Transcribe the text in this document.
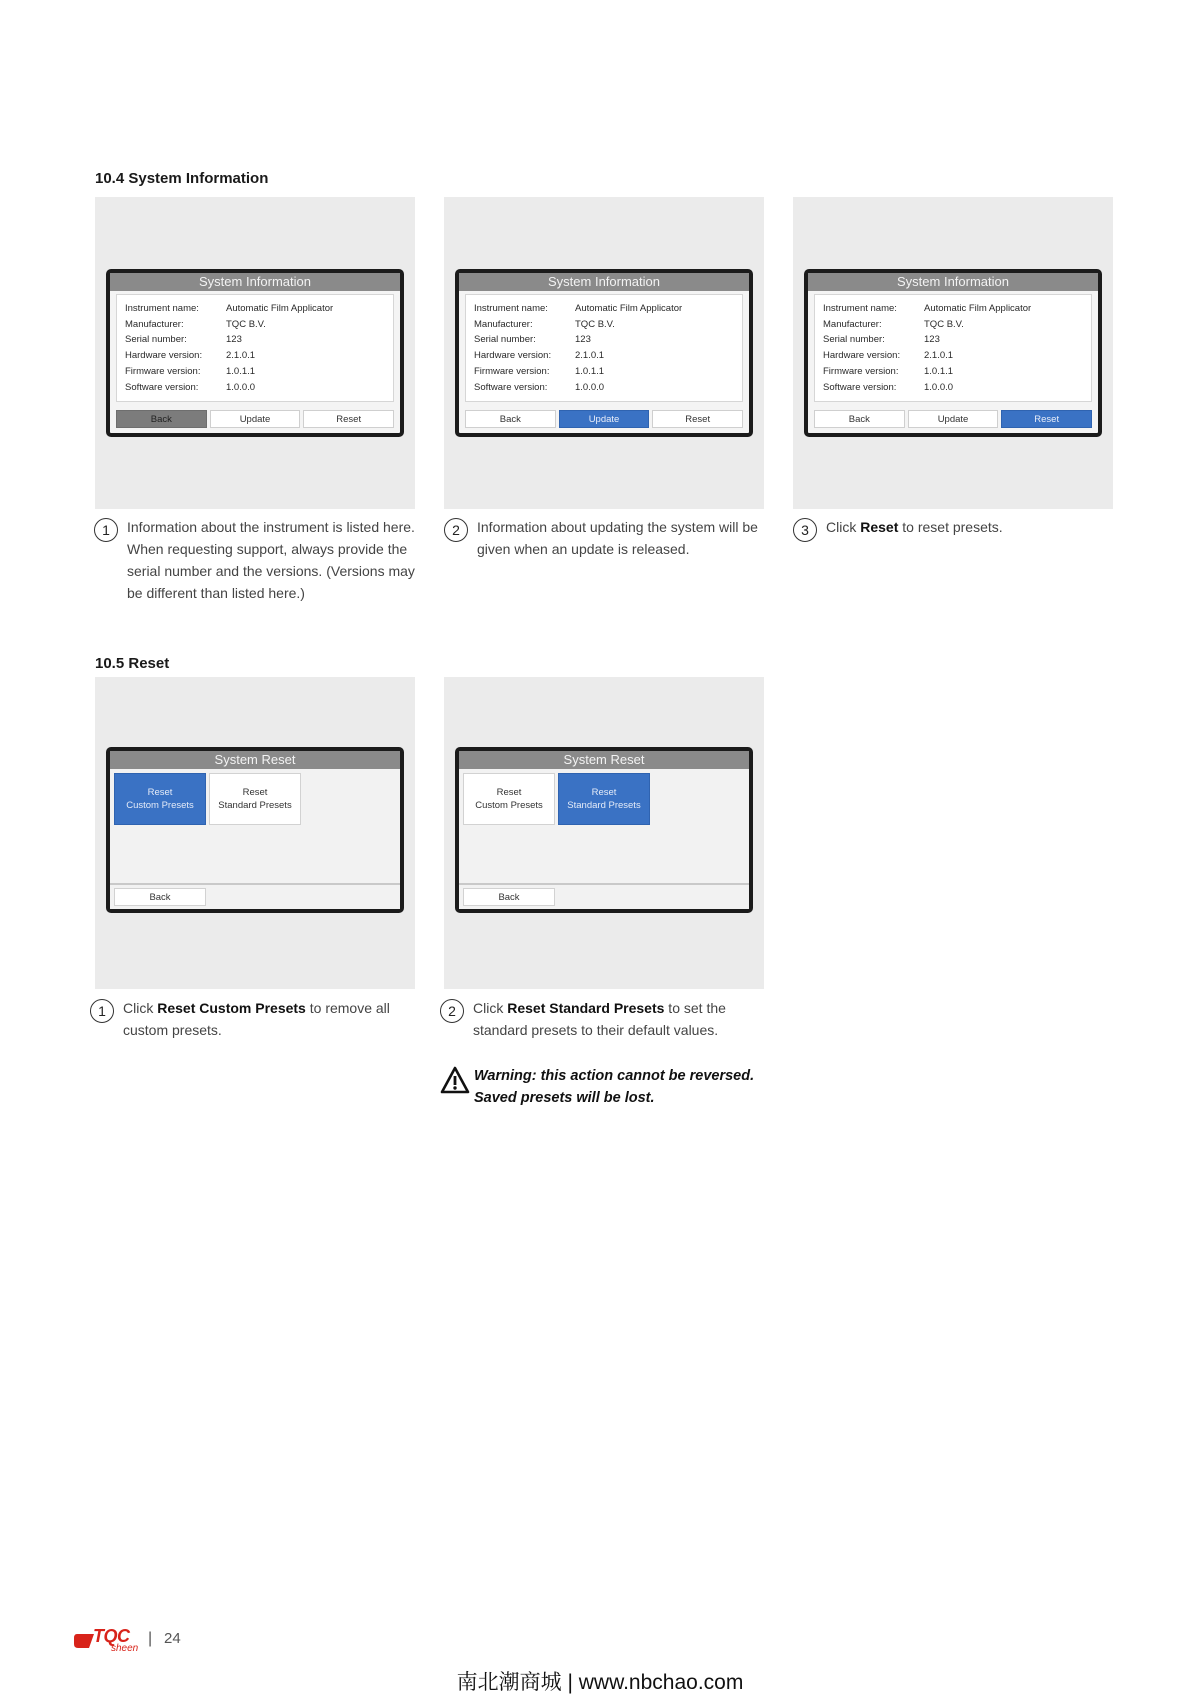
10.4 System Information
10.5 Reset
System Information
Instrument name:	Automatic Film Applicator
Manufacturer:	TQC B.V.
Serial number:	123
Hardware version:	2.1.0.1
Firmware version:	1.0.1.1
Software version:	1.0.0.0
Back	Update	Reset
System Information
Instrument name:	Automatic Film Applicator
Manufacturer:	TQC B.V.
Serial number:	123
Hardware version:	2.1.0.1
Firmware version:	1.0.1.1
Software version:	1.0.0.0
Back	Update	Reset
System Information
Instrument name:	Automatic Film Applicator
Manufacturer:	TQC B.V.
Serial number:	123
Hardware version:	2.1.0.1
Firmware version:	1.0.1.1
Software version:	1.0.0.0
Back	Update	Reset
1	Information about the instrument is listed here. When requesting support, always provide the serial number and the versions. (Versions may be different than listed here.)
2	Information about updating the system will be given when an update is released.
3	Click Reset to reset presets.
System Reset
Reset
Custom Presets
Reset
Standard Presets
Back
System Reset
Reset
Custom Presets
Reset
Standard Presets
Back
1	Click Reset Custom Presets to remove all custom presets.
2	Click Reset Standard Presets to set the standard presets to their default values.
Warning: this action cannot be reversed.
Saved presets will be lost.
TQC
sheen
| 24
南北潮商城 | www.nbchao.com
